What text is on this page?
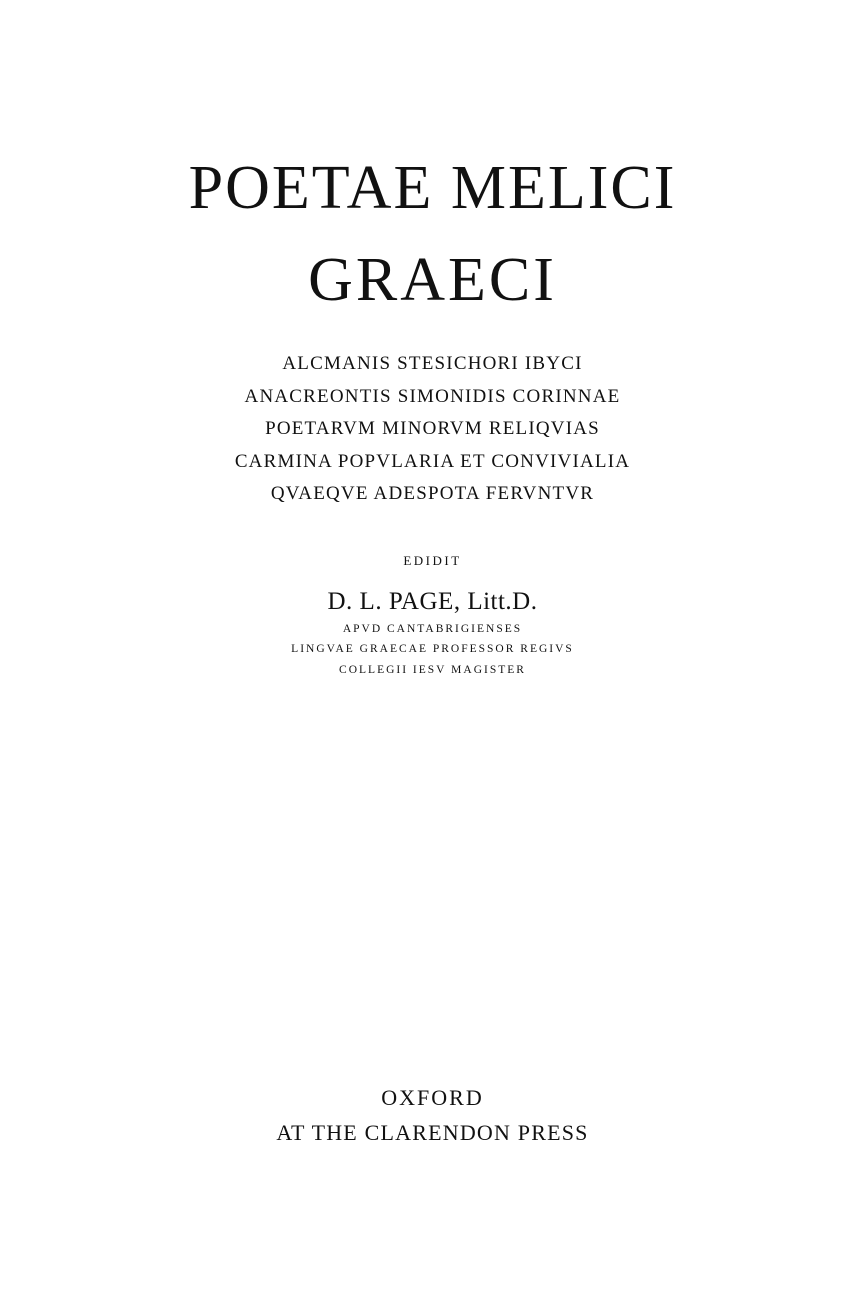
POETAE MELICI
GRAECI
ALCMANIS STESICHORI IBYCI
ANACREONTIS SIMONIDIS CORINNAE
POETARVM MINORVM RELIQVIAS
CARMINA POPVLARIA ET CONVIVIALIA
QVAEQVE ADESPOTA FERVNTVR
EDIDIT
D. L. PAGE, Litt.D.
APVD CANTABRIGIENSES
LINGVAE GRAECAE PROFESSOR REGIVS
COLLEGII IESV MAGISTER
OXFORD
AT THE CLARENDON PRESS
